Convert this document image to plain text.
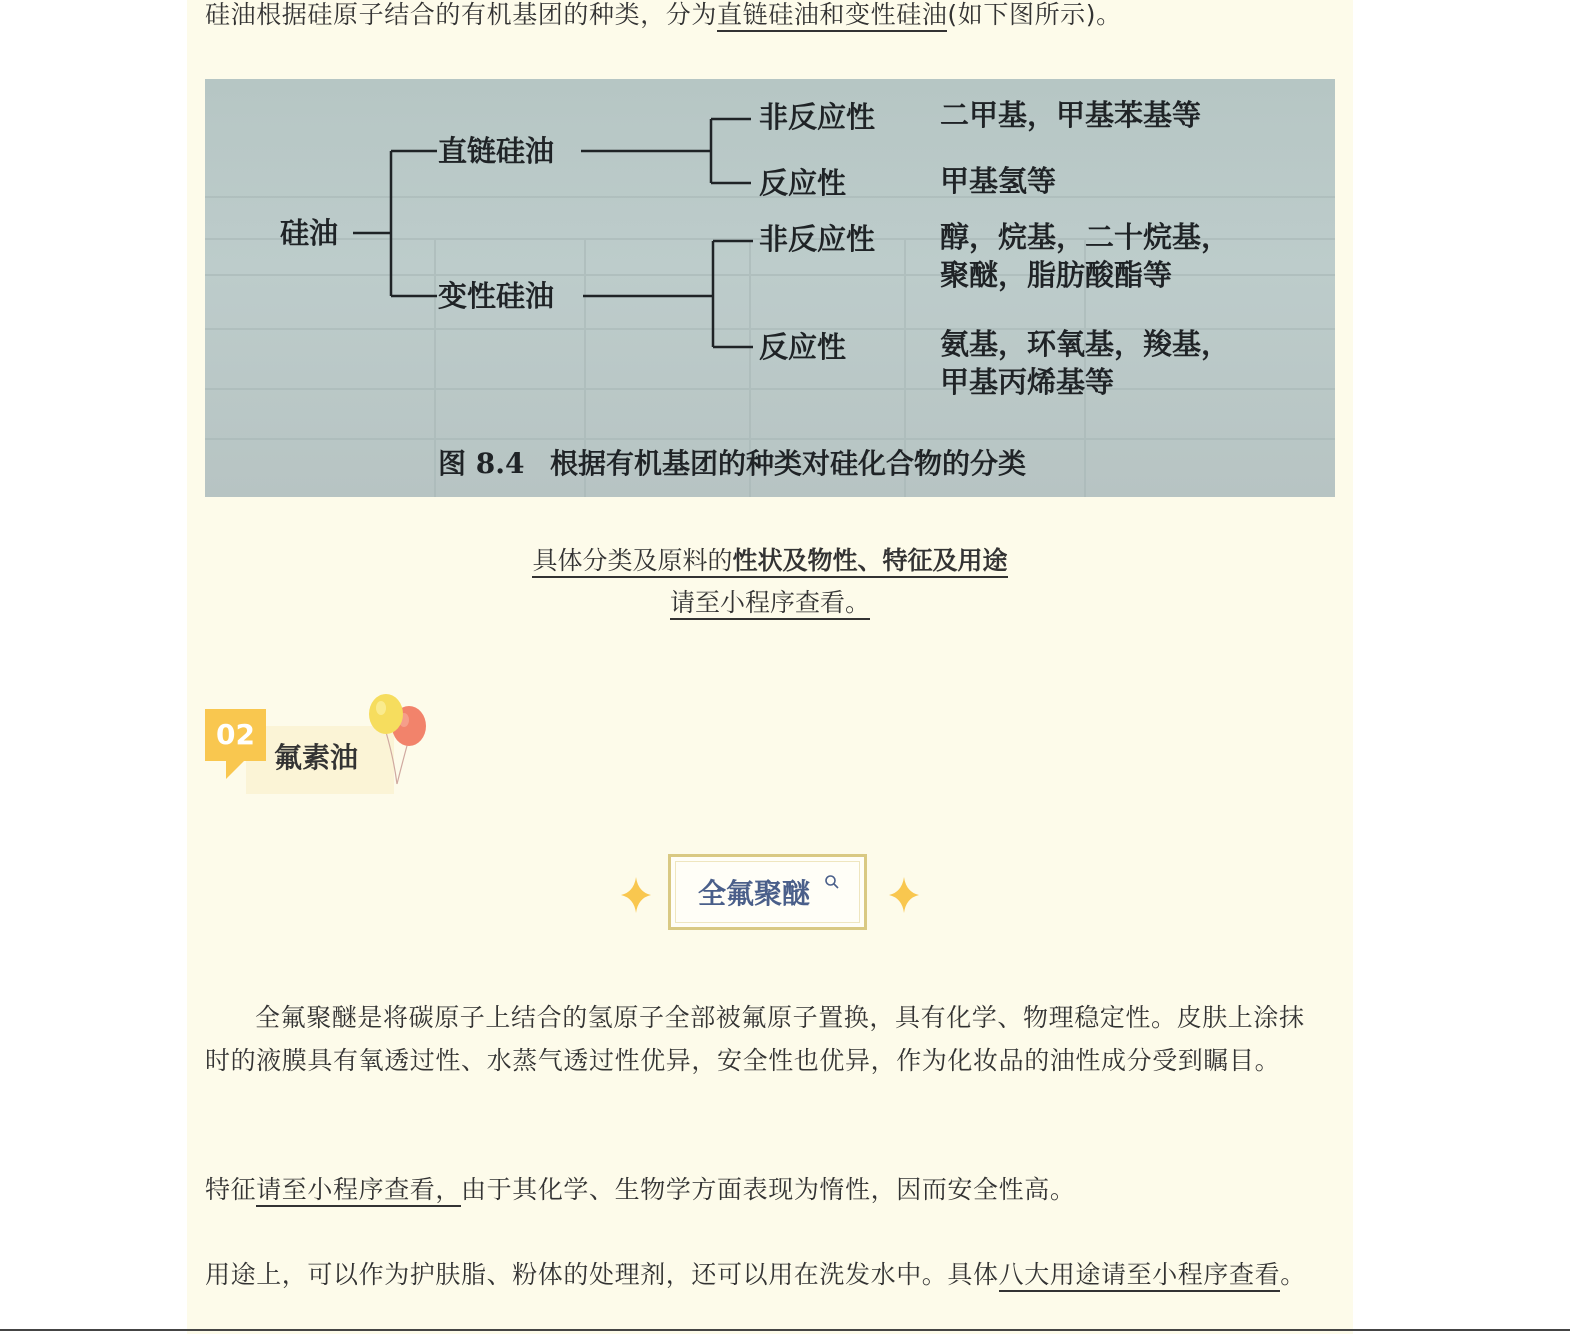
硅油根据硅原子结合的有机基团的种类，分为直链硅油和变性硅油(如下图所示)。
硅油
直链硅油
变性硅油
非反应性
反应性
非反应性
反应性
二甲基，甲基苯基等
甲基氢等
醇，烷基，二十烷基，
聚醚，脂肪酸酯等
氨基，环氧基，羧基，
甲基丙烯基等
图 8.4 根据有机基团的种类对硅化合物的分类
具体分类及原料的性状及物性、特征及用途
请至小程序查看。
02
氟素油
全氟聚醚
全氟聚醚是将碳原子上结合的氢原子全部被氟原子置换，具有化学、物理稳定性。皮肤上涂抹时的液膜具有氧透过性、水蒸气透过性优异，安全性也优异，作为化妆品的油性成分受到瞩目。
特征请至小程序查看，由于其化学、生物学方面表现为惰性，因而安全性高。
用途上，可以作为护肤脂、粉体的处理剂，还可以用在洗发水中。具体八大用途请至小程序查看。
